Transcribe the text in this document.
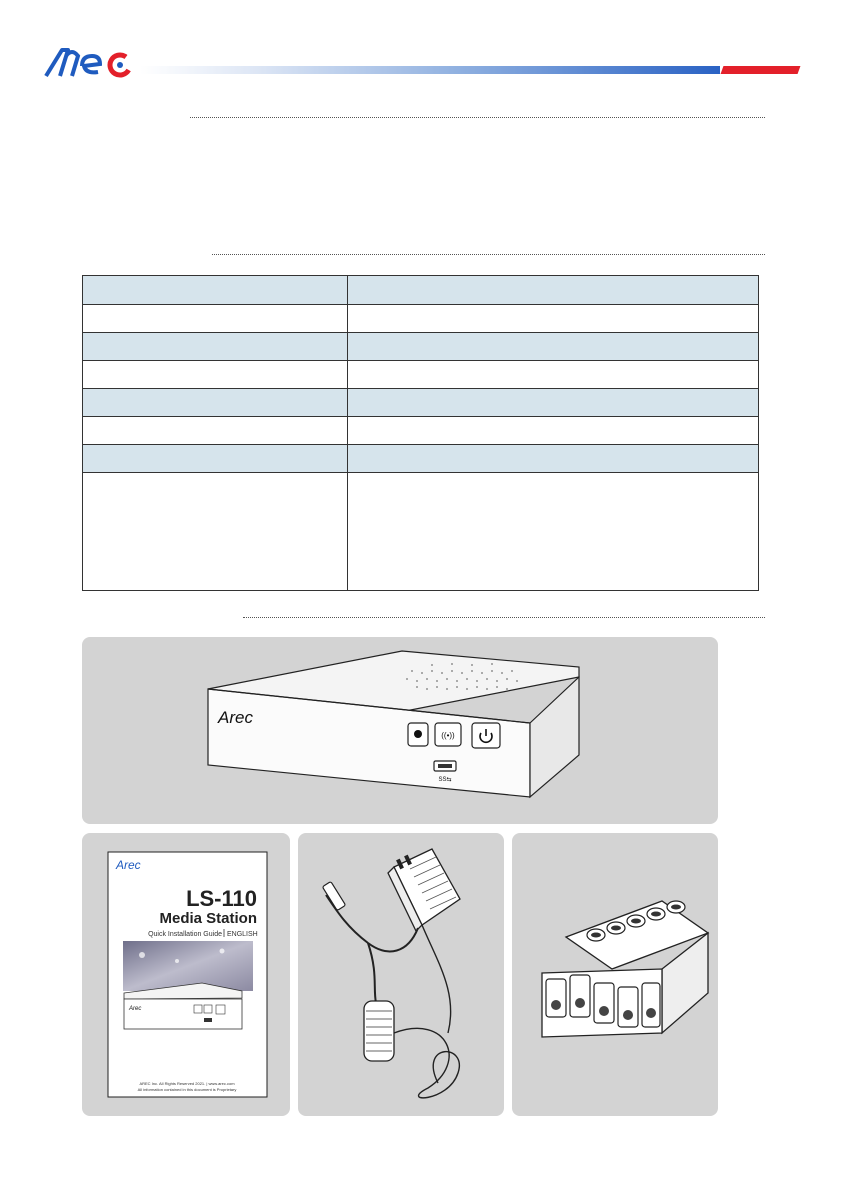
Arec
((•))
SS⇆
Arec
LS-110
Media Station
Quick Installation Guide ENGLISH
Arec
AREC Inc. All Rights Reserved 2021. | www.arec.com
All information contained in this document is Proprietary
